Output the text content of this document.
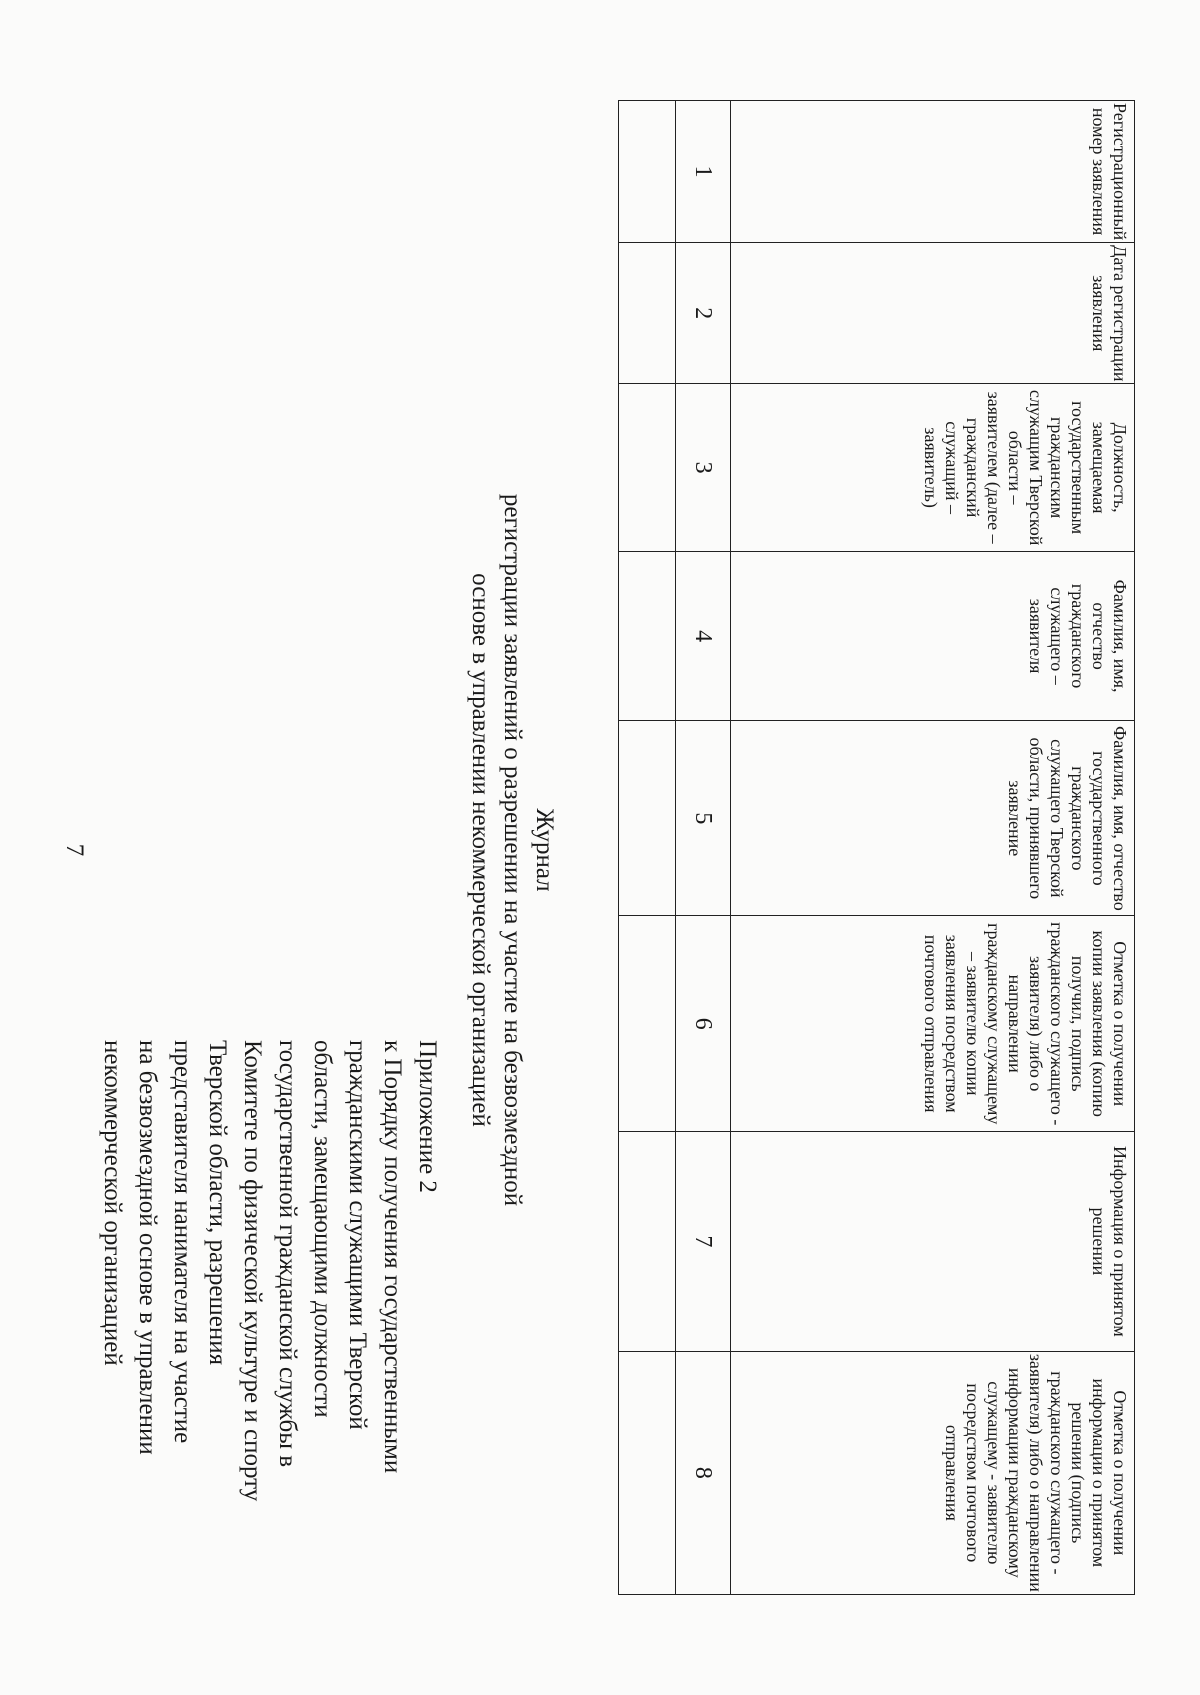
7
Приложение 2
к Порядку получения государственными
гражданскими служащими Тверской
области, замещающими должности
государственной гражданской службы в
Комитете по физической культуре и спорту
Тверской области, разрешения
представителя нанимателя на участие
на безвозмездной основе в управлении
некоммерческой организацией
Журнал
регистрации заявлений о разрешении на участие на безвозмездной
основе в управлении некоммерческой организацией
Регистрационный номер заявления	Дата регистрации заявления	Должность, замещаемая государственным гражданским служащим Тверской области – заявителем (далее – гражданский служащий – заявитель)	Фамилия, имя, отчество гражданского служащего – заявителя	Фамилия, имя, отчество государственного гражданского служащего Тверской области, принявшего заявление	Отметка о получении копии заявления (копию получил, подпись гражданского служащего - заявителя) либо о направлении гражданскому служащему – заявителю копии заявления посредством почтового отправления	Информация о принятом решении	Отметка о получении информации о принятом решении (подпись гражданского служащего - заявителя) либо о направлении информации гражданскому служащему - заявителю посредством почтового отправления
1	2	3	4	5	6	7	8
